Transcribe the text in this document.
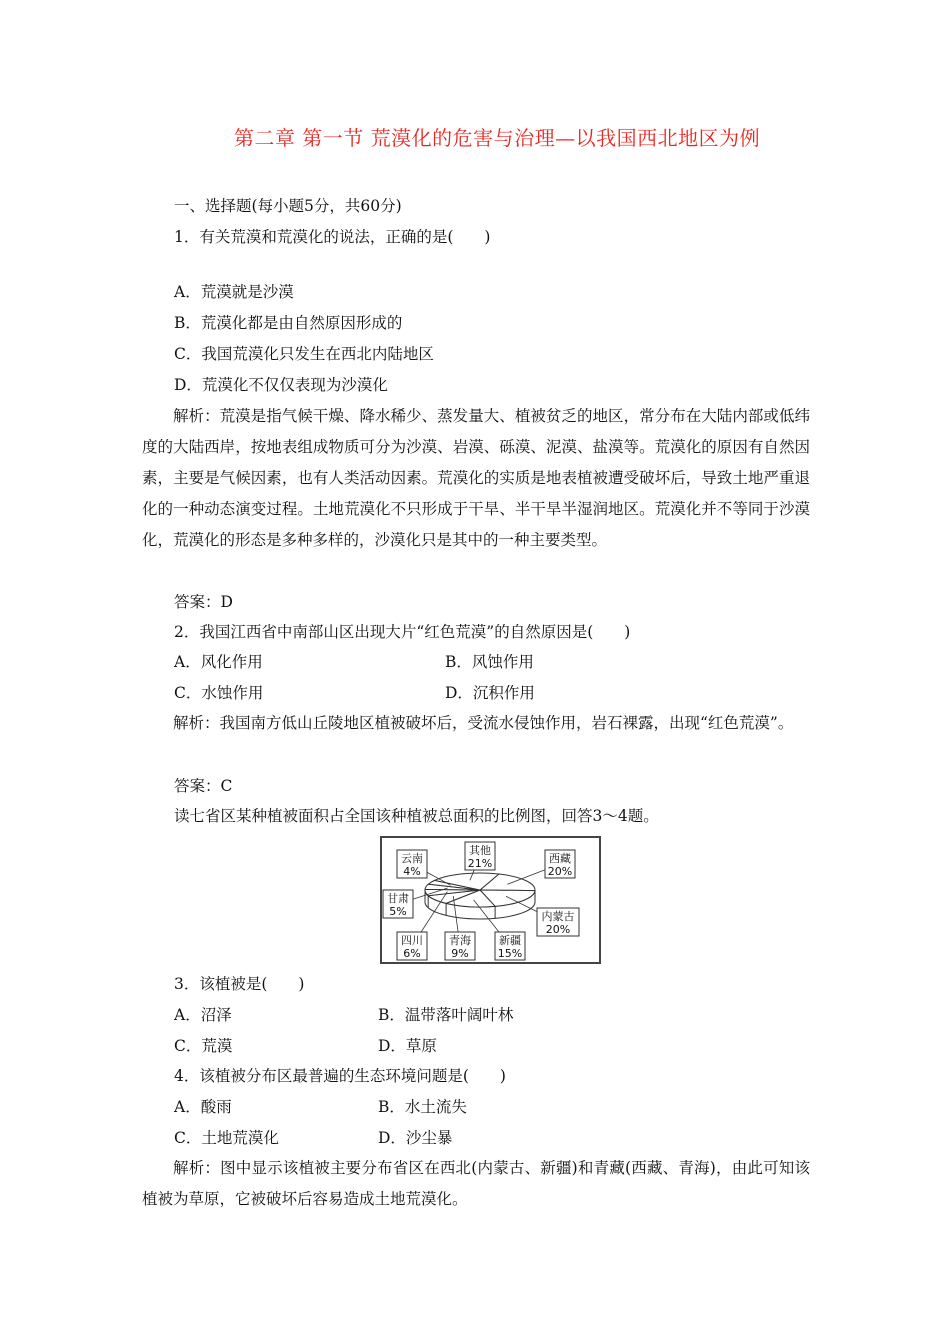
第二章 第一节 荒漠化的危害与治理—以我国西北地区为例
一、选择题(每小题5分，共60分)
1．有关荒漠和荒漠化的说法，正确的是(　　)
A．荒漠就是沙漠
B．荒漠化都是由自然原因形成的
C．我国荒漠化只发生在西北内陆地区
D．荒漠化不仅仅表现为沙漠化
解析：荒漠是指气候干燥、降水稀少、蒸发量大、植被贫乏的地区，常分布在大陆内部或低纬度的大陆西岸，按地表组成物质可分为沙漠、岩漠、砾漠、泥漠、盐漠等。荒漠化的原因有自然因素，主要是气候因素，也有人类活动因素。荒漠化的实质是地表植被遭受破坏后，导致土地严重退化的一种动态演变过程。土地荒漠化不只形成于干旱、半干旱半湿润地区。荒漠化并不等同于沙漠化，荒漠化的形态是多种多样的，沙漠化只是其中的一种主要类型。
答案：D
2．我国江西省中南部山区出现大片“红色荒漠”的自然原因是(　　)
A．风化作用	B．风蚀作用
C．水蚀作用	D．沉积作用
解析：我国南方低山丘陵地区植被破坏后，受流水侵蚀作用，岩石裸露，出现“红色荒漠”。
答案：C
读七省区某种植被面积占全国该种植被总面积的比例图，回答3～4题。
西藏
20%
内蒙古
20%
新疆
15%
青海
9%
四川
6%
甘肃
5%
云南
4%
其他
21%
3．该植被是(　　)
A．沼泽	B．温带落叶阔叶林
C．荒漠	D．草原
4．该植被分布区最普遍的生态环境问题是(　　)
A．酸雨	B．水土流失
C．土地荒漠化	D．沙尘暴
解析：图中显示该植被主要分布省区在西北(内蒙古、新疆)和青藏(西藏、青海)，由此可知该植被为草原，它被破坏后容易造成土地荒漠化。
